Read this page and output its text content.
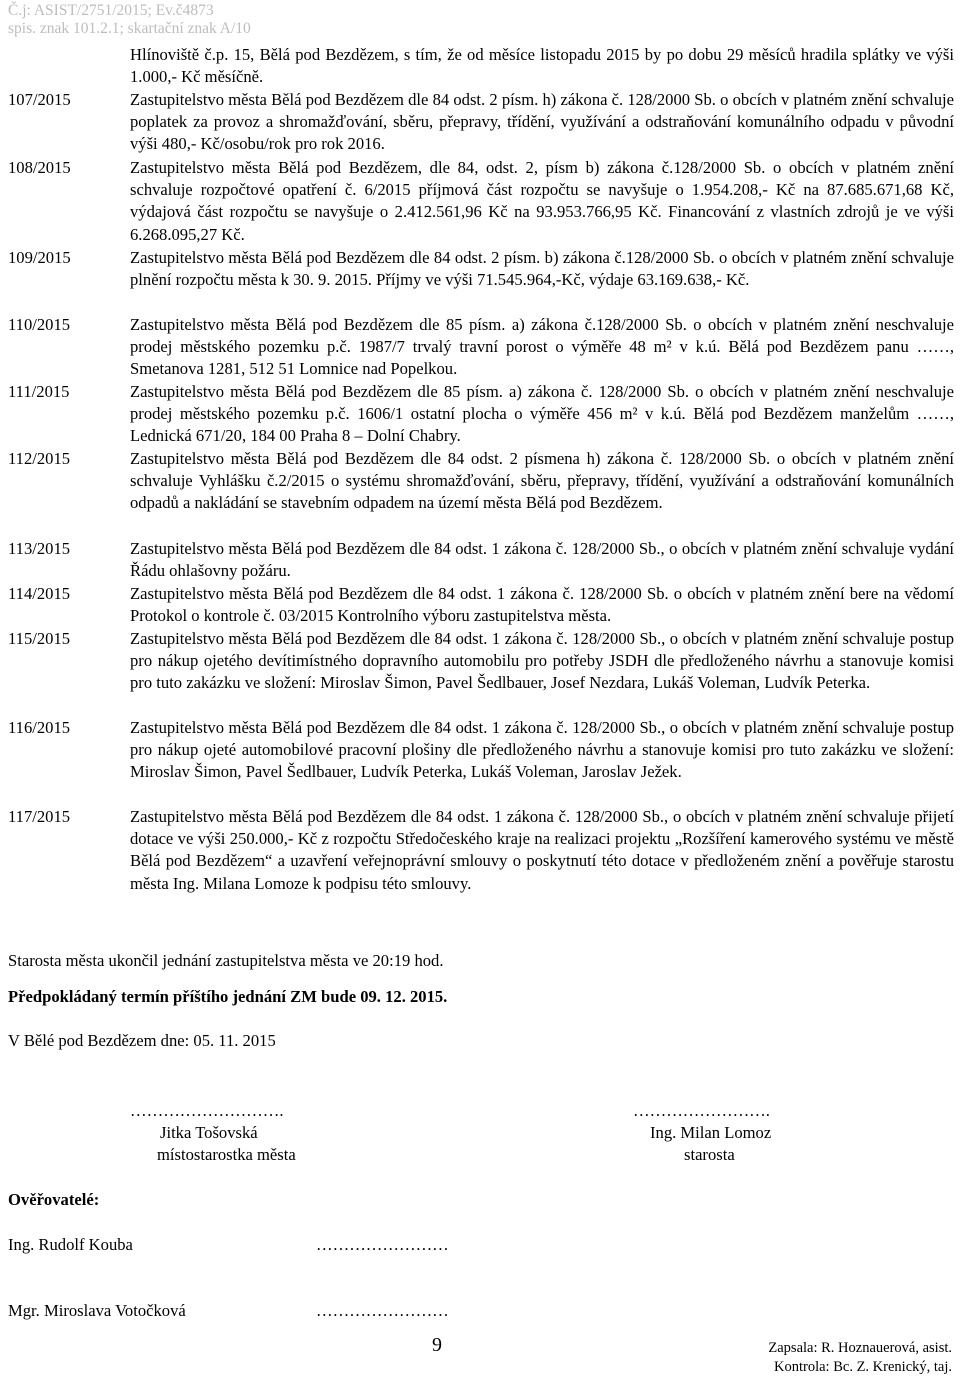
Č.j: ASIST/2751/2015; Ev.č4873
spis. znak 101.2.1; skartační znak A/10
Hlínoviště č.p. 15, Bělá pod Bezdězem, s tím, že od měsíce listopadu 2015 by po dobu 29 měsíců hradila splátky ve výši 1.000,- Kč měsíčně.
107/2015	Zastupitelstvo města Bělá pod Bezdězem dle 84 odst. 2 písm. h) zákona č. 128/2000 Sb. o obcích v platném znění schvaluje poplatek za provoz a shromažďování, sběru, přepravy, třídění, využívání a odstraňování komunálního odpadu v původní výši 480,- Kč/osobu/rok pro rok 2016.
108/2015	Zastupitelstvo města Bělá pod Bezdězem, dle 84, odst. 2, písm b) zákona č.128/2000 Sb. o obcích v platném znění schvaluje rozpočtové opatření č. 6/2015 příjmová část rozpočtu se navyšuje o 1.954.208,- Kč na 87.685.671,68 Kč, výdajová část rozpočtu se navyšuje o 2.412.561,96 Kč na 93.953.766,95 Kč. Financování z vlastních zdrojů je ve výši 6.268.095,27 Kč.
109/2015	Zastupitelstvo města Bělá pod Bezdězem dle 84 odst. 2 písm. b) zákona č.128/2000 Sb. o obcích v platném znění schvaluje plnění rozpočtu města k 30. 9. 2015. Příjmy ve výši 71.545.964,-Kč, výdaje 63.169.638,- Kč.
110/2015	Zastupitelstvo města Bělá pod Bezdězem dle 85 písm. a) zákona č.128/2000 Sb. o obcích v platném znění neschvaluje prodej městského pozemku p.č. 1987/7 trvalý travní porost o výměře 48 m² v k.ú. Bělá pod Bezdězem panu ……, Smetanova 1281, 512 51 Lomnice nad Popelkou.
111/2015	Zastupitelstvo města Bělá pod Bezdězem dle 85 písm. a) zákona č. 128/2000 Sb. o obcích v platném znění neschvaluje prodej městského pozemku p.č. 1606/1 ostatní plocha o výměře 456 m² v k.ú. Bělá pod Bezdězem manželům ……, Lednická 671/20, 184 00 Praha 8 – Dolní Chabry.
112/2015	Zastupitelstvo města Bělá pod Bezdězem dle 84 odst. 2 písmena h) zákona č. 128/2000 Sb. o obcích v platném znění schvaluje Vyhlášku č.2/2015 o systému shromažďování, sběru, přepravy, třídění, využívání a odstraňování komunálních odpadů a nakládání se stavebním odpadem na území města Bělá pod Bezdězem.
113/2015	Zastupitelstvo města Bělá pod Bezdězem dle 84 odst. 1 zákona č. 128/2000 Sb., o obcích v platném znění schvaluje vydání Řádu ohlašovny požáru.
114/2015	Zastupitelstvo města Bělá pod Bezdězem dle 84 odst. 1 zákona č. 128/2000 Sb. o obcích v platném znění bere na vědomí Protokol o kontrole č. 03/2015 Kontrolního výboru zastupitelstva města.
115/2015	Zastupitelstvo města Bělá pod Bezdězem dle 84 odst. 1 zákona č. 128/2000 Sb., o obcích v platném znění schvaluje postup pro nákup ojetého devítimístného dopravního automobilu pro potřeby JSDH dle předloženého návrhu a stanovuje komisi pro tuto zakázku ve složení: Miroslav Šimon, Pavel Šedlbauer, Josef Nezdara, Lukáš Voleman, Ludvík Peterka.
116/2015	Zastupitelstvo města Bělá pod Bezdězem dle 84 odst. 1 zákona č. 128/2000 Sb., o obcích v platném znění schvaluje postup pro nákup ojeté automobilové pracovní plošiny dle předloženého návrhu a stanovuje komisi pro tuto zakázku ve složení: Miroslav Šimon, Pavel Šedlbauer, Ludvík Peterka, Lukáš Voleman, Jaroslav Ježek.
117/2015	Zastupitelstvo města Bělá pod Bezdězem dle 84 odst. 1 zákona č. 128/2000 Sb., o obcích v platném znění schvaluje přijetí dotace ve výši 250.000,- Kč z rozpočtu Středočeského kraje na realizaci projektu „Rozšíření kamerového systému ve městě Bělá pod Bezdězem“ a uzavření veřejnoprávní smlouvy o poskytnutí této dotace v předloženém znění a pověřuje starostu města Ing. Milana Lomoze k podpisu této smlouvy.
Starosta města ukončil jednání zastupitelstva města ve 20:19 hod.
Předpokládaný termín příštího jednání ZM bude 09. 12. 2015.
V Bělé pod Bezdězem dne: 05. 11. 2015
……………………….
Jitka Tošovská
místostarostka města
…………………….
Ing. Milan Lomoz
starosta
Ověřovatelé:
Ing. Rudolf Kouba	……………………
Mgr. Miroslava Votočková	……………………
9	Zapsala: R. Hoznauerová, asist.
Kontrola: Bc. Z. Krenický, taj.
